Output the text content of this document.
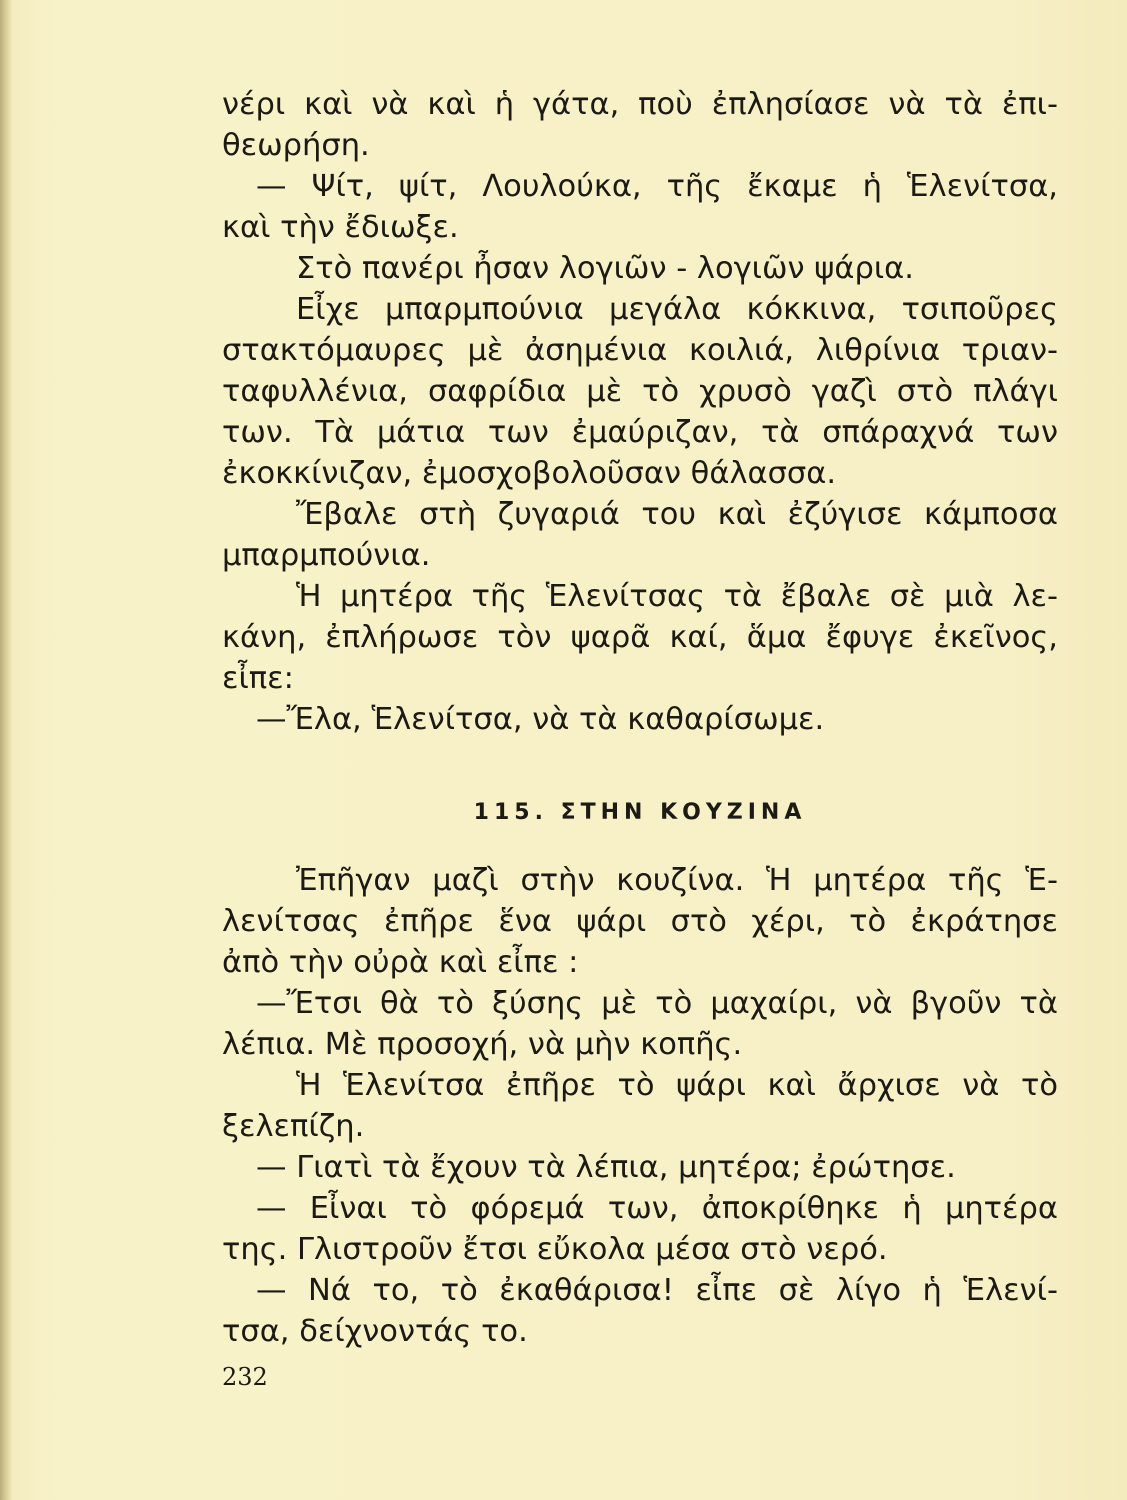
νέρι καὶ νὰ καὶ ἡ γάτα, ποὺ ἐπλησίασε νὰ τὰ ἐπι-
θεωρήση.
— Ψίτ, ψίτ, Λουλούκα, τῆς ἔκαμε ἡ Ἑλενίτσα,
καὶ τὴν ἔδιωξε.
Στὸ πανέρι ἦσαν λογιῶν - λογιῶν ψάρια.
Εἶχε μπαρμπούνια μεγάλα κόκκινα, τσιποῦρες
στακτόμαυρες μὲ ἀσημένια κοιλιά, λιθρίνια τριαν-
ταφυλλένια, σαφρίδια μὲ τὸ χρυσὸ γαζὶ στὸ πλάγι
των. Τὰ μάτια των ἐμαύριζαν, τὰ σπάραχνά των
ἐκοκκίνιζαν, ἐμοσχοβολοῦσαν θάλασσα.
Ἔβαλε στὴ ζυγαριά του καὶ ἐζύγισε κάμποσα
μπαρμπούνια.
Ἡ μητέρα τῆς Ἑλενίτσας τὰ ἔβαλε σὲ μιὰ λε-
κάνη, ἐπλήρωσε τὸν ψαρᾶ καί, ἅμα ἔφυγε ἐκεῖνος,
εἶπε:
—Ἔλα, Ἑλενίτσα, νὰ τὰ καθαρίσωμε.
115. ΣΤΗΝ ΚΟΥΖΙΝΑ
Ἐπῆγαν μαζὶ στὴν κουζίνα. Ἡ μητέρα τῆς Ἑ-
λενίτσας ἐπῆρε ἕνα ψάρι στὸ χέρι, τὸ ἐκράτησε
ἀπὸ τὴν οὐρὰ καὶ εἶπε :
—Ἔτσι θὰ τὸ ξύσης μὲ τὸ μαχαίρι, νὰ βγοῦν τὰ
λέπια. Μὲ προσοχή, νὰ μὴν κοπῆς.
Ἡ Ἑλενίτσα ἐπῆρε τὸ ψάρι καὶ ἄρχισε νὰ τὸ
ξελεπίζη.
— Γιατὶ τὰ ἔχουν τὰ λέπια, μητέρα; ἐρώτησε.
— Εἶναι τὸ φόρεμά των, ἀποκρίθηκε ἡ μητέρα
της. Γλιστροῦν ἔτσι εὔκολα μέσα στὸ νερό.
— Νά το, τὸ ἐκαθάρισα! εἶπε σὲ λίγο ἡ Ἑλενί-
τσα, δείχνοντάς το.
232
